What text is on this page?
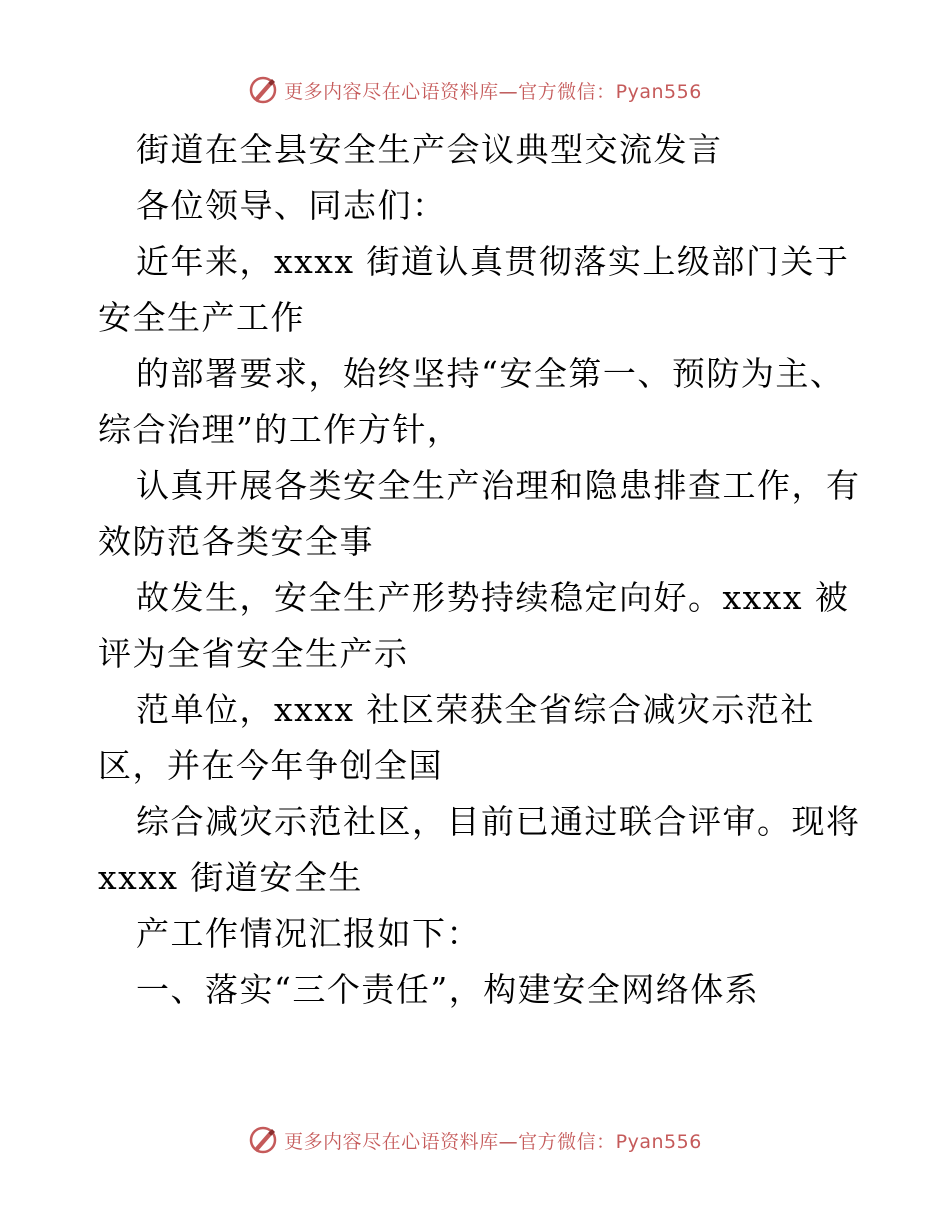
更多内容尽在心语资料库—官方微信：Pyan556
街道在全县安全生产会议典型交流发言
各位领导、同志们：
近年来，xxxx 街道认真贯彻落实上级部门关于
安全生产工作
的部署要求，始终坚持“安全第一、预防为主、
综合治理”的工作方针，
认真开展各类安全生产治理和隐患排查工作，有
效防范各类安全事
故发生，安全生产形势持续稳定向好。xxxx 被
评为全省安全生产示
范单位，xxxx 社区荣获全省综合减灾示范社
区，并在今年争创全国
综合减灾示范社区，目前已通过联合评审。现将
xxxx 街道安全生
产工作情况汇报如下：
一、落实“三个责任”，构建安全网络体系
更多内容尽在心语资料库—官方微信：Pyan556
